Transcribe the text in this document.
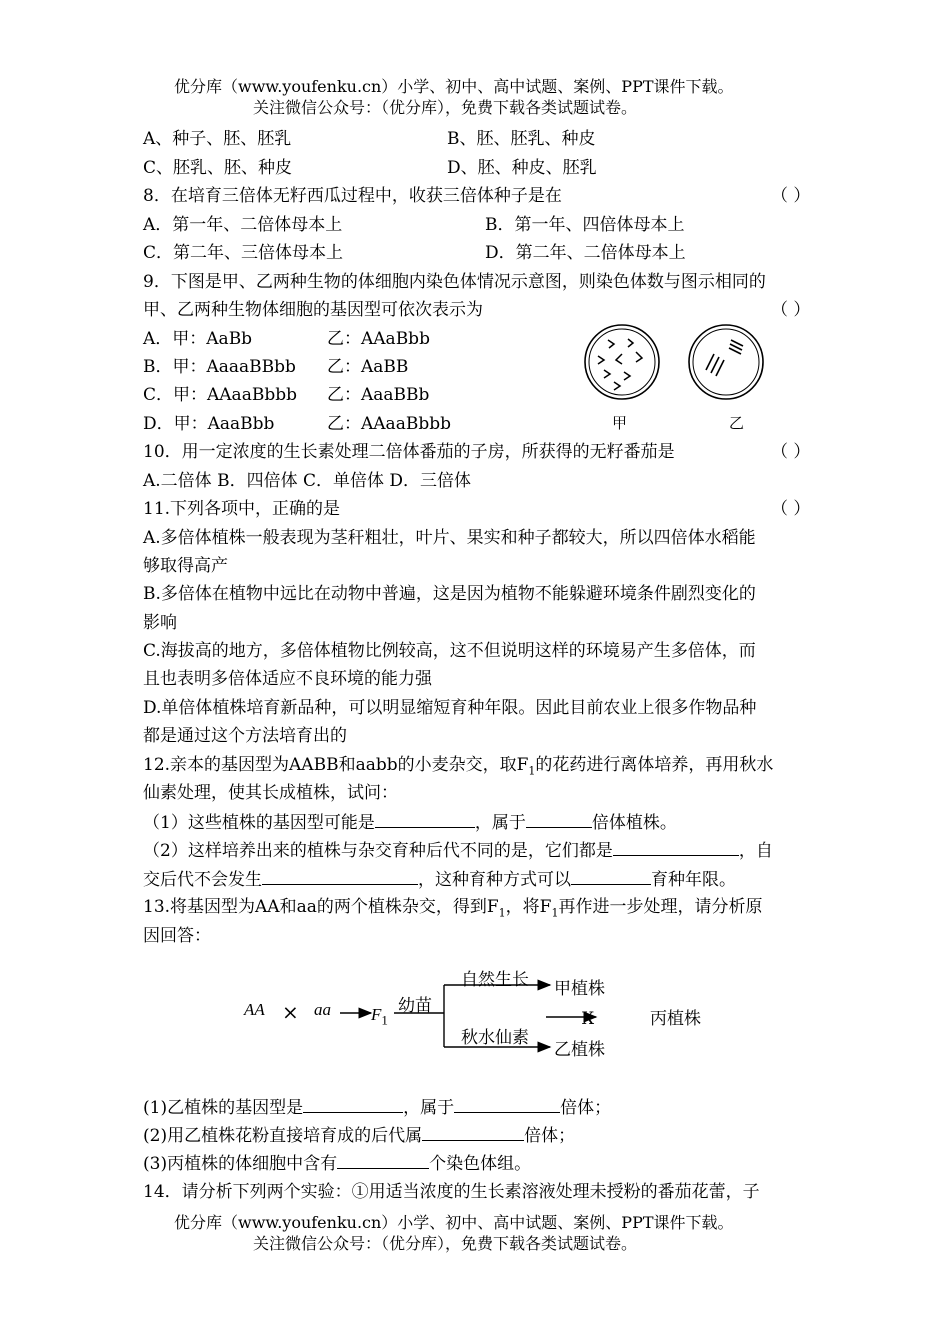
优分库（www.youfenku.cn）小学、初中、高中试题、案例、PPT课件下载。
关注微信公众号：（优分库），免费下载各类试题试卷。
A、种子、胚、胚乳	B、胚、胚乳、种皮
C、胚乳、胚、种皮	D、胚、种皮、胚乳
8．在培育三倍体无籽西瓜过程中，收获三倍体种子是在	（ ）
A．第一年、二倍体母本上	B．第一年、四倍体母本上
C．第二年、三倍体母本上	D．第二年、二倍体母本上
9．下图是甲、乙两种生物的体细胞内染色体情况示意图，则染色体数与图示相同的
甲、乙两种生物体细胞的基因型可依次表示为	（ ）
A．甲：AaBb	乙：AAaBbb
B．甲：AaaaBBbb 乙：AaBB
C．甲：AAaaBbbb 乙：AaaBBb
D．甲：AaaBbb	乙：AAaaBbbb	甲	乙
10．用一定浓度的生长素处理二倍体番茄的子房，所获得的无籽番茄是	（ ）
A.二倍体 B．四倍体 C．单倍体 D．三倍体
11.下列各项中，正确的是	（ ）
A.多倍体植株一般表现为茎秆粗壮，叶片、果实和种子都较大，所以四倍体水稻能
够取得高产
B.多倍体在植物中远比在动物中普遍，这是因为植物不能躲避环境条件剧烈变化的
影响
C.海拔高的地方，多倍体植物比例较高，这不但说明这样的环境易产生多倍体，而
且也表明多倍体适应不良环境的能力强
D.单倍体植株培育新品种，可以明显缩短育种年限。因此目前农业上很多作物品种
都是通过这个方法培育出的
12.亲本的基因型为AABB和aabb的小麦杂交，取$F_1$的花药进行离体培养，再用秋水
仙素处理，使其长成植株，试问：
（1）这些植株的基因型可能是	，属于	倍体植株。
（2）这样培养出来的植株与杂交育种后代不同的是，它们都是	，自
交后代不会发生	，这种育种方式可以	育种年限。
13.将基因型为AA和aa的两个植株杂交，得到$F_1$，将$F_1$再作进一步处理，请分析原
因回答：
AA × aa $F_1$
幼苗
自然生长 甲植株
秋水仙素
乙植株
X	丙植株
(1)乙植株的基因型是	，属于	倍体；
(2)用乙植株花粉直接培育成的后代属	倍体；
(3)丙植株的体细胞中含有	个染色体组。
14．请分析下列两个实验：①用适当浓度的生长素溶液处理未授粉的番茄花蕾，子
优分库（www.youfenku.cn）小学、初中、高中试题、案例、PPT课件下载。
关注微信公众号：（优分库），免费下载各类试题试卷。
